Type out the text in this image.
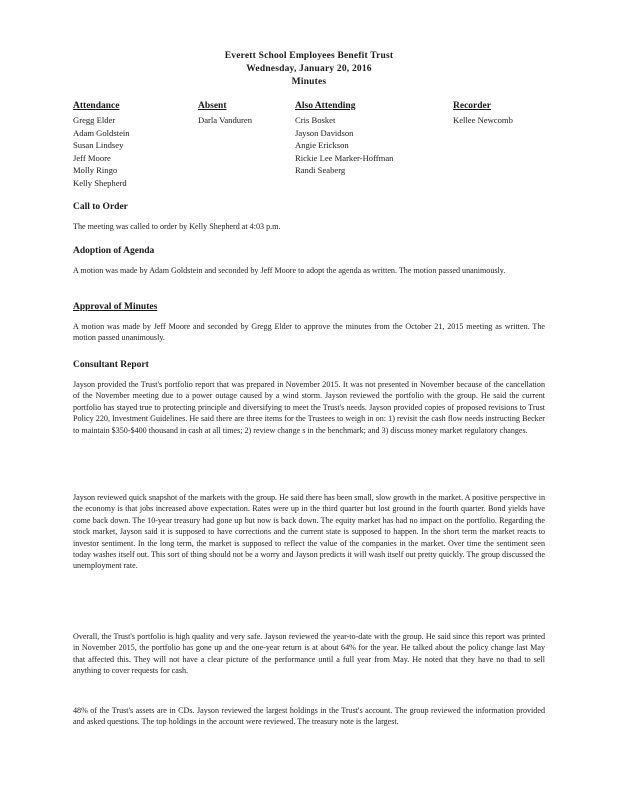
Everett School Employees Benefit Trust
Wednesday, January 20, 2016
Minutes
Attendance
Gregg Elder
Adam Goldstein
Susan Lindsey
Jeff Moore
Molly Ringo
Kelly Shepherd
Absent
Darla Vanduren
Also Attending
Cris Bosket
Jayson Davidson
Angie Erickson
Rickie Lee Marker-Hoffman
Randi Seaberg
Recorder
Kellee Newcomb
Call to Order
The meeting was called to order by Kelly Shepherd at 4:03 p.m.
Adoption of Agenda
A motion was made by Adam Goldstein and seconded by Jeff Moore to adopt the agenda as written. The motion passed unanimously.
Approval of Minutes
A motion was made by Jeff Moore and seconded by Gregg Elder to approve the minutes from the October 21, 2015 meeting as written. The motion passed unanimously.
Consultant Report
Jayson provided the Trust's portfolio report that was prepared in November 2015. It was not presented in November because of the cancellation of the November meeting due to a power outage caused by a wind storm. Jayson reviewed the portfolio with the group. He said the current portfolio has stayed true to protecting principle and diversifying to meet the Trust's needs. Jayson provided copies of proposed revisions to Trust Policy 220, Investment Guidelines. He said there are three items for the Trustees to weigh in on: 1) revisit the cash flow needs instructing Becker to maintain $350-$400 thousand in cash at all times; 2) review change s in the benchmark; and 3) discuss money market regulatory changes.
Jayson reviewed quick snapshot of the markets with the group. He said there has been small, slow growth in the market. A positive perspective in the economy is that jobs increased above expectation. Rates were up in the third quarter but lost ground in the fourth quarter. Bond yields have come back down. The 10-year treasury had gone up but now is back down. The equity market has had no impact on the portfolio. Regarding the stock market, Jayson said it is supposed to have corrections and the current state is supposed to happen. In the short term the market reacts to investor sentiment. In the long term, the market is supposed to reflect the value of the companies in the market. Over time the sentiment seen today washes itself out. This sort of thing should not be a worry and Jayson predicts it will wash itself out pretty quickly. The group discussed the unemployment rate.
Overall, the Trust's portfolio is high quality and very safe. Jayson reviewed the year-to-date with the group. He said since this report was printed in November 2015, the portfolio has gone up and the one-year return is at about 64% for the year. He talked about the policy change last May that affected this. They will not have a clear picture of the performance until a full year from May. He noted that they have no thad to sell anything to cover requests for cash.
48% of the Trust's assets are in CDs. Jayson reviewed the largest holdings in the Trust's account. The group reviewed the information provided and asked questions. The top holdings in the account were reviewed. The treasury note is the largest.
